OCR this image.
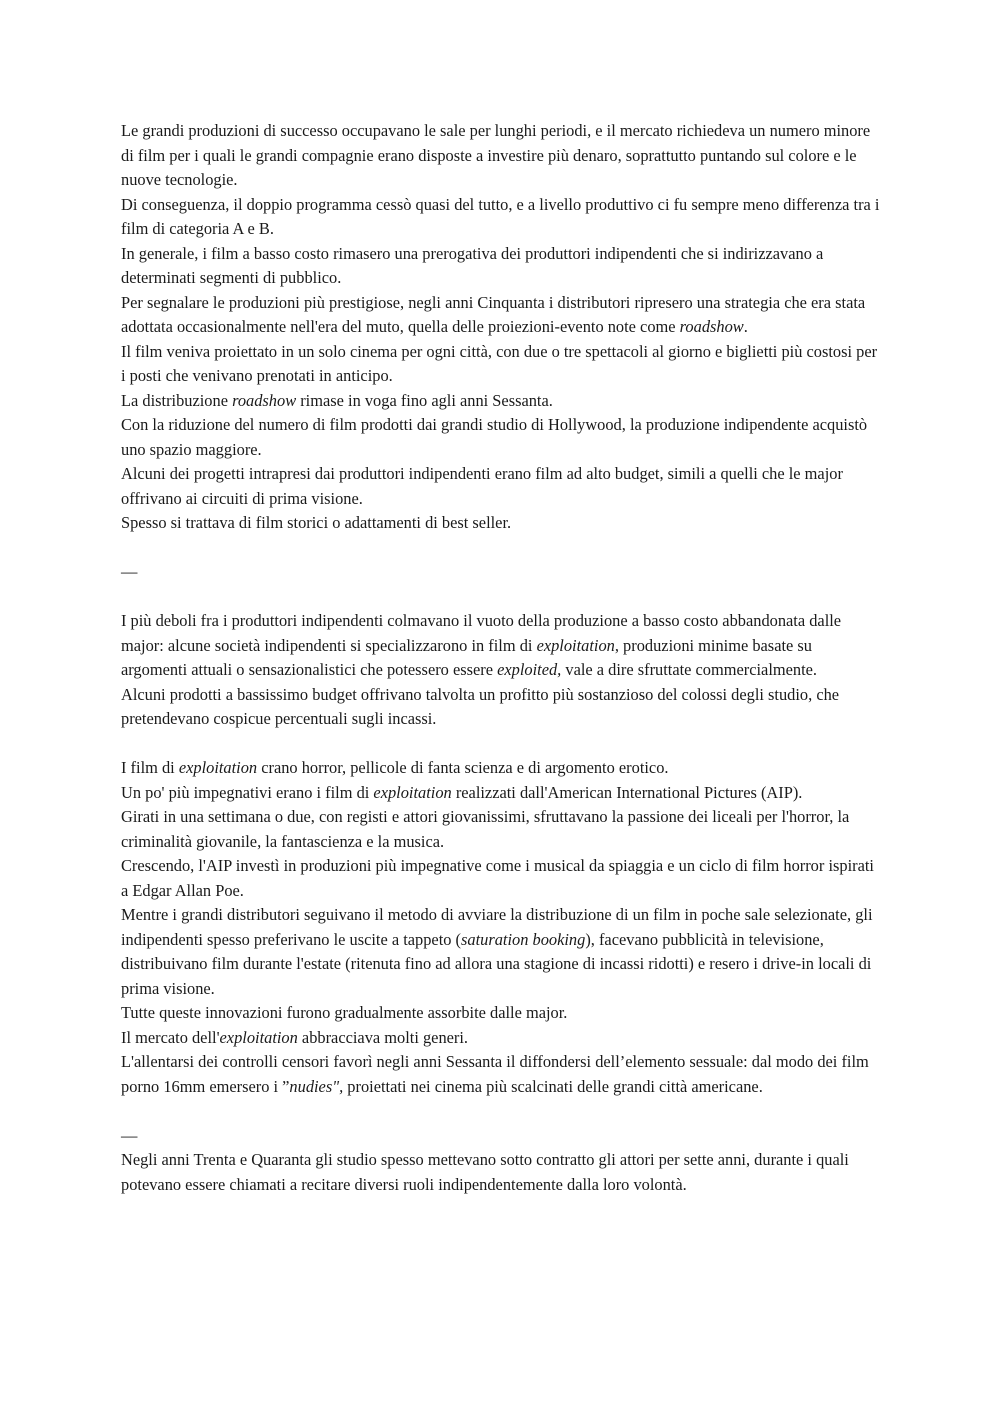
Le grandi produzioni di successo occupavano le sale per lunghi periodi, e il mercato richiedeva un numero minore di film per i quali le grandi compagnie erano disposte a investire più denaro, soprattutto puntando sul colore e le nuove tecnologie.

Di conseguenza, il doppio programma cessò quasi del tutto, e a livello produttivo ci fu sempre meno differenza tra i film di categoria A e B.

In generale, i film a basso costo rimasero una prerogativa dei produttori indipendenti che si indirizzavano a determinati segmenti di pubblico.

Per segnalare le produzioni più prestigiose, negli anni Cinquanta i distributori ripresero una strategia che era stata adottata occasionalmente nell'era del muto, quella delle proiezioni-evento note come roadshow.

Il film veniva proiettato in un solo cinema per ogni città, con due o tre spettacoli al giorno e biglietti più costosi per i posti che venivano prenotati in anticipo.

La distribuzione roadshow rimase in voga fino agli anni Sessanta.

Con la riduzione del numero di film prodotti dai grandi studio di Hollywood, la produzione indipendente acquistò uno spazio maggiore.

Alcuni dei progetti intrapresi dai produttori indipendenti erano film ad alto budget, simili a quelli che le major offrivano ai circuiti di prima visione.

Spesso si trattava di film storici o adattamenti di best seller.

—

I più deboli fra i produttori indipendenti colmavano il vuoto della produzione a basso costo abbandonata dalle major: alcune società indipendenti si specializzarono in film di exploitation, produzioni minime basate su argomenti attuali o sensazionalistici che potessero essere exploited, vale a dire sfruttate commercialmente.

Alcuni prodotti a bassissimo budget offrivano talvolta un profitto più sostanzioso del colossi degli studio, che pretendevano cospicue percentuali sugli incassi.

I film di exploitation crano horror, pellicole di fanta scienza e di argomento erotico.

Un po' più impegnativi erano i film di exploitation realizzati dall'American International Pictures (AIP).

Girati in una settimana o due, con registi e attori giovanissimi, sfruttavano la passione dei liceali per l'horror, la criminalità giovanile, la fantascienza e la musica.

Crescendo, l'AIP investì in produzioni più impegnative come i musical da spiaggia e un ciclo di film horror ispirati a Edgar Allan Poe.

Mentre i grandi distributori seguivano il metodo di avviare la distribuzione di un film in poche sale selezionate, gli indipendenti spesso preferivano le uscite a tappeto (saturation booking), facevano pubblicità in televisione, distribuivano film durante l'estate (ritenuta fino ad allora una stagione di incassi ridotti) e resero i drive-in locali di prima visione.

Tutte queste innovazioni furono gradualmente assorbite dalle major.

Il mercato dell'exploitation abbracciava molti generi.

L'allentarsi dei controlli censori favorì negli anni Sessanta il diffondersi dell’elemento sessuale: dal modo dei film porno 16mm emersero i ”nudies", proiettati nei cinema più scalcinati delle grandi città americane.

—

Negli anni Trenta e Quaranta gli studio spesso mettevano sotto contratto gli attori per sette anni, durante i quali potevano essere chiamati a recitare diversi ruoli indipendentemente dalla loro volontà.
